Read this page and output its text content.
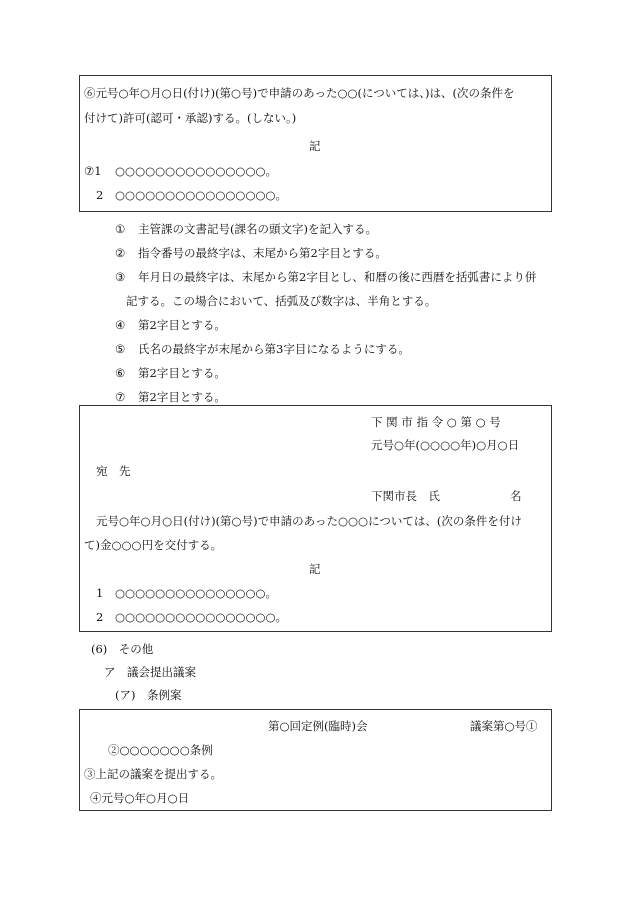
⑥元号○年○月○日(付け)(第○号)で申請のあった○○(については、)は、(次の条件を
付けて)許可(認可・承認)する。(しない。)
記
⑦1 ○○○○○○○○○○○○○○○。
2 ○○○○○○○○○○○○○○○○。
① 主管課の文書記号(課名の頭文字)を記入する。
② 指令番号の最終字は、末尾から第2字目とする。
③ 年月日の最終字は、末尾から第2字目とし、和暦の後に西暦を括弧書により併
記する。この場合において、括弧及び数字は、半角とする。
④ 第2字目とする。
⑤ 氏名の最終字が末尾から第3字目になるようにする。
⑥ 第2字目とする。
⑦ 第2字目とする。
下 関 市 指 令 ○ 第 ○ 号
元号○年(○○○○年)○月○日
宛　先
下関市長　氏	名
元号○年○月○日(付け)(第○号)で申請のあった○○○については、(次の条件を付け
て)金○○○円を交付する。
記
1 ○○○○○○○○○○○○○○○。
2 ○○○○○○○○○○○○○○○○。
(6)　その他
ア　議会提出議案
(ア)　条例案
第○回定例(臨時)会	議案第○号①
②○○○○○○○条例
③上記の議案を提出する。
④元号○年○月○日
